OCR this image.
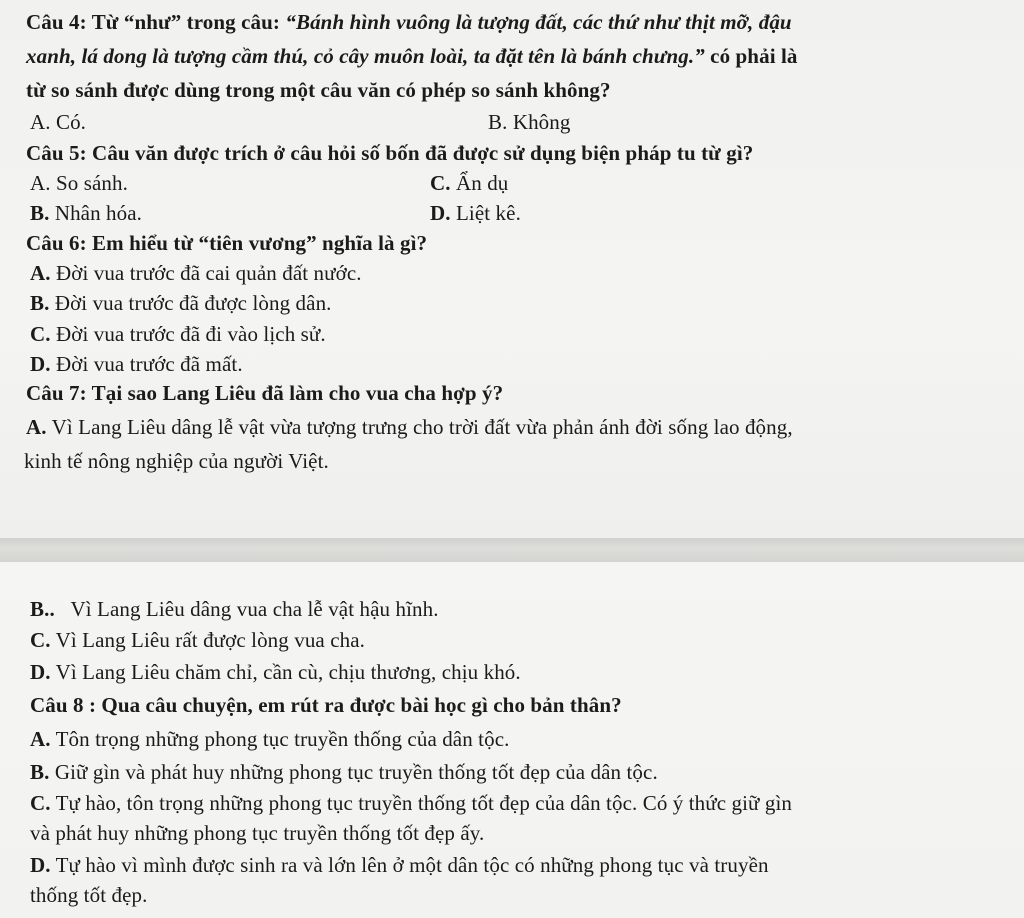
Câu 4: Từ “như” trong câu: “Bánh hình vuông là tượng đất, các thứ như thịt mỡ, đậu
xanh, lá dong là tượng cầm thú, cỏ cây muôn loài, ta đặt tên là bánh chưng.” có phải là
từ so sánh được dùng trong một câu văn có phép so sánh không?
A. Có.	B. Không
Câu 5: Câu văn được trích ở câu hỏi số bốn đã được sử dụng biện pháp tu từ gì?
A. So sánh.	C. Ẩn dụ
B. Nhân hóa.	D. Liệt kê.
Câu 6: Em hiểu từ “tiên vương” nghĩa là gì?
A. Đời vua trước đã cai quản đất nước.
B. Đời vua trước đã được lòng dân.
C. Đời vua trước đã đi vào lịch sử.
D. Đời vua trước đã mất.
Câu 7: Tại sao Lang Liêu đã làm cho vua cha hợp ý?
A. Vì Lang Liêu dâng lễ vật vừa tượng trưng cho trời đất vừa phản ánh đời sống lao động,
kinh tế nông nghiệp của người Việt.
B..   Vì Lang Liêu dâng vua cha lễ vật hậu hĩnh.
C. Vì Lang Liêu rất được lòng vua cha.
D. Vì Lang Liêu chăm chỉ, cần cù, chịu thương, chịu khó.
Câu 8 : Qua câu chuyện, em rút ra được bài học gì cho bản thân?
A. Tôn trọng những phong tục truyền thống của dân tộc.
B. Giữ gìn và phát huy những phong tục truyền thống tốt đẹp của dân tộc.
C. Tự hào, tôn trọng những phong tục truyền thống tốt đẹp của dân tộc. Có ý thức giữ gìn
và phát huy những phong tục truyền thống tốt đẹp ấy.
D. Tự hào vì mình được sinh ra và lớn lên ở một dân tộc có những phong tục và truyền
thống tốt đẹp.
